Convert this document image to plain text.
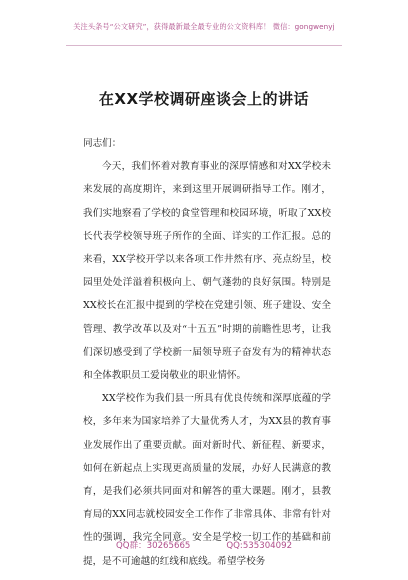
关注头条号“公文研究”，获得最新最全最专业的公文资料库！ 微信：gongwenyj
在XX学校调研座谈会上的讲话

同志们：

今天，我们怀着对教育事业的深厚情感和对XX学校未来发展的高度期许，来到这里开展调研指导工作。刚才，我们实地察看了学校的食堂管理和校园环境，听取了XX校长代表学校领导班子所作的全面、详实的工作汇报。总的来看，XX学校开学以来各项工作井然有序、亮点纷呈，校园里处处洋溢着积极向上、朝气蓬勃的良好氛围。特别是XX校长在汇报中提到的学校在党建引领、班子建设、安全管理、教学改革以及对“十五五”时期的前瞻性思考，让我们深切感受到了学校新一届领导班子奋发有为的精神状态和全体教职员工爱岗敬业的职业情怀。

XX学校作为我们县一所具有优良传统和深厚底蕴的学校，多年来为国家培养了大量优秀人才，为XX县的教育事业发展作出了重要贡献。面对新时代、新征程、新要求，如何在新起点上实现更高质量的发展，办好人民满意的教育，是我们必须共同面对和解答的重大课题。刚才，县教育局的XX同志就校园安全工作作了非常具体、非常有针对性的强调，我完全同意。安全是学校一切工作的基础和前提，是不可逾越的红线和底线。希望学校务

QQ群：30265665	QQ:535304092
